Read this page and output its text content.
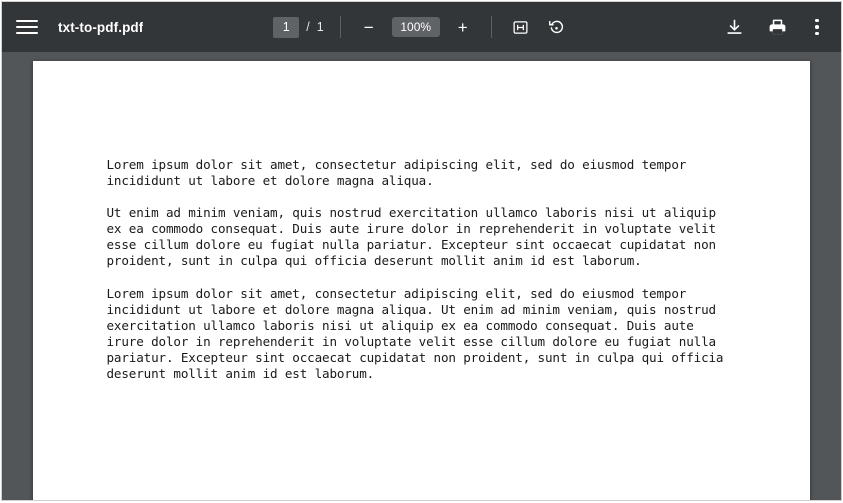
txt-to-pdf.pdf
1	/ 1	−	100%	+

Lorem ipsum dolor sit amet, consectetur adipiscing elit, sed do eiusmod tempor incididunt ut labore et dolore magna aliqua.

Ut enim ad minim veniam, quis nostrud exercitation ullamco laboris nisi ut aliquip ex ea commodo consequat. Duis aute irure dolor in reprehenderit in voluptate velit esse cillum dolore eu fugiat nulla pariatur. Excepteur sint occaecat cupidatat non proident, sunt in culpa qui officia deserunt mollit anim id est laborum.

Lorem ipsum dolor sit amet, consectetur adipiscing elit, sed do eiusmod tempor incididunt ut labore et dolore magna aliqua. Ut enim ad minim veniam, quis nostrud exercitation ullamco laboris nisi ut aliquip ex ea commodo consequat. Duis aute irure dolor in reprehenderit in voluptate velit esse cillum dolore eu fugiat nulla pariatur. Excepteur sint occaecat cupidatat non proident, sunt in culpa qui officia deserunt mollit anim id est laborum.
